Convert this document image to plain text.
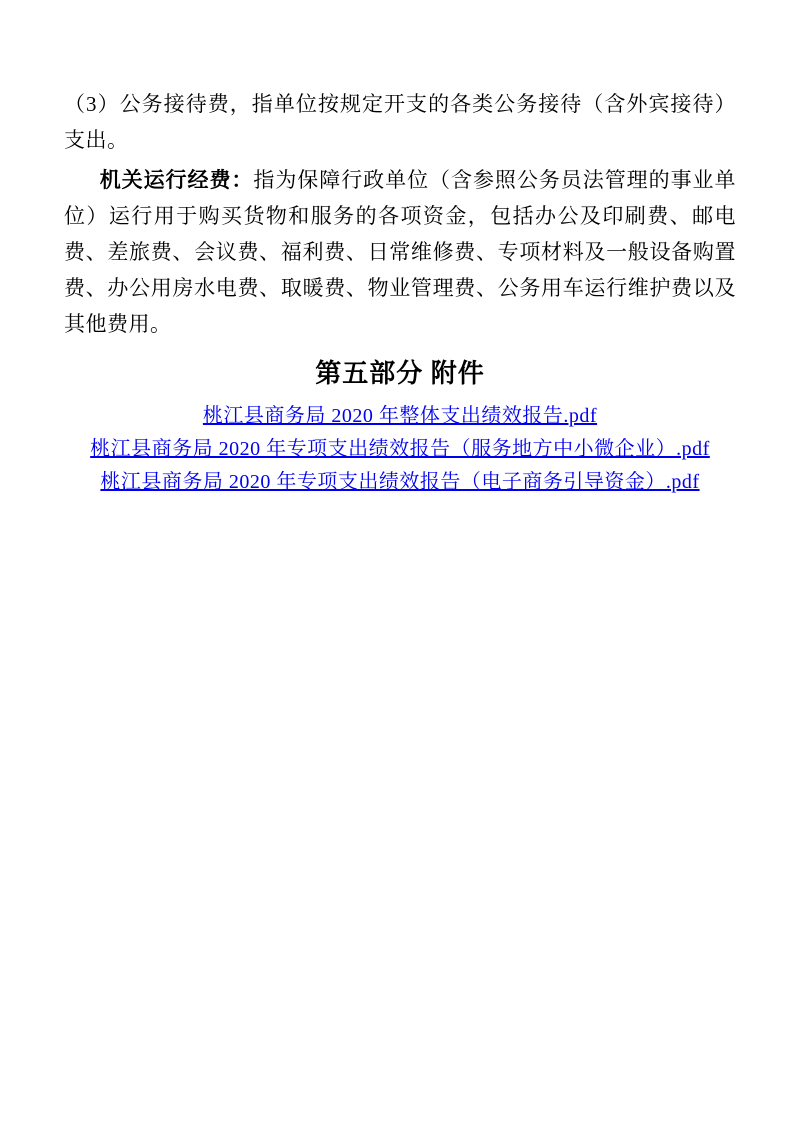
（3）公务接待费，指单位按规定开支的各类公务接待（含外宾接待）支出。

机关运行经费：指为保障行政单位（含参照公务员法管理的事业单位）运行用于购买货物和服务的各项资金，包括办公及印刷费、邮电费、差旅费、会议费、福利费、日常维修费、专项材料及一般设备购置费、办公用房水电费、取暖费、物业管理费、公务用车运行维护费以及其他费用。

第五部分 附件
桃江县商务局 2020 年整体支出绩效报告.pdf
桃江县商务局 2020 年专项支出绩效报告（服务地方中小微企业）.pdf
桃江县商务局 2020 年专项支出绩效报告（电子商务引导资金）.pdf
